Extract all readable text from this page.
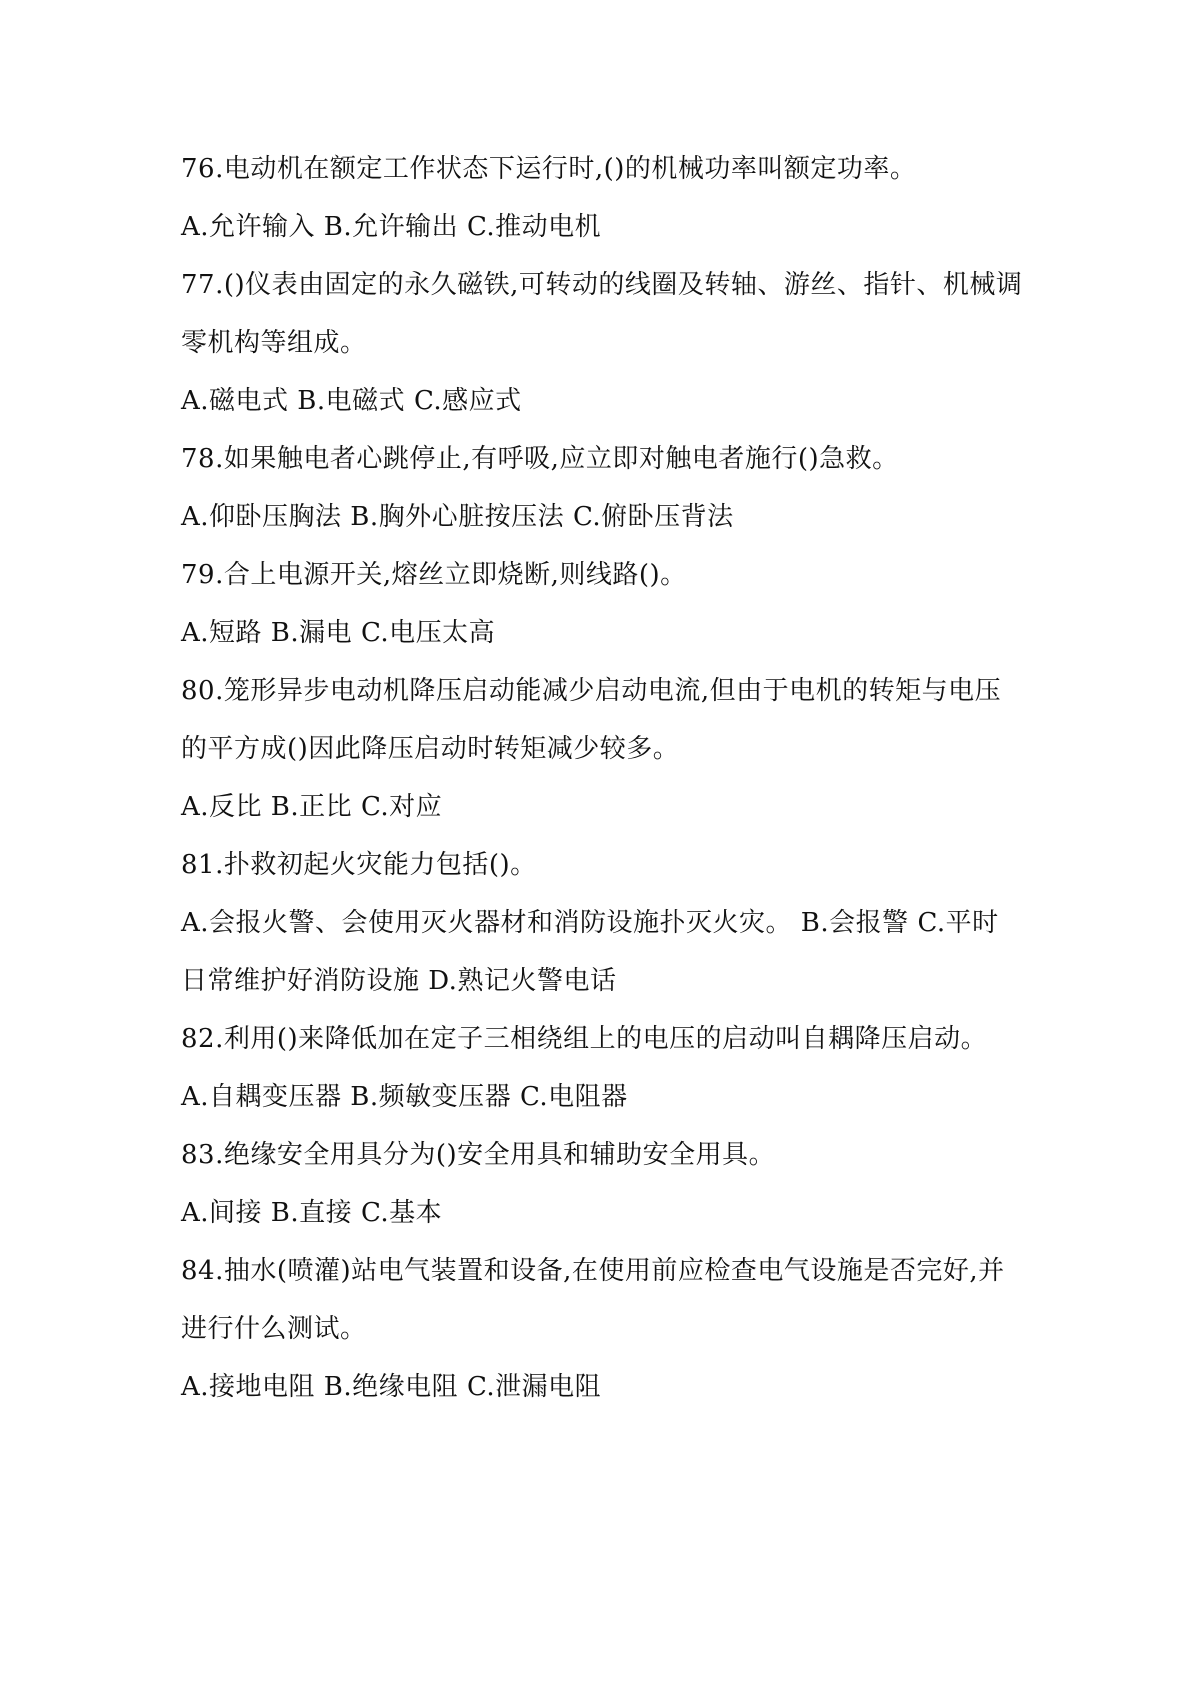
76.电动机在额定工作状态下运行时,()的机械功率叫额定功率。
A.允许输入 B.允许输出 C.推动电机
77.()仪表由固定的永久磁铁,可转动的线圈及转轴、游丝、指针、机械调
零机构等组成。
A.磁电式 B.电磁式 C.感应式
78.如果触电者心跳停止,有呼吸,应立即对触电者施行()急救。
A.仰卧压胸法 B.胸外心脏按压法 C.俯卧压背法
79.合上电源开关,熔丝立即烧断,则线路()。
A.短路 B.漏电 C.电压太高
80.笼形异步电动机降压启动能减少启动电流,但由于电机的转矩与电压
的平方成()因此降压启动时转矩减少较多。
A.反比 B.正比 C.对应
81.扑救初起火灾能力包括()。
A.会报火警、会使用灭火器材和消防设施扑灭火灾。 B.会报警 C.平时
日常维护好消防设施 D.熟记火警电话
82.利用()来降低加在定子三相绕组上的电压的启动叫自耦降压启动。
A.自耦变压器 B.频敏变压器 C.电阻器
83.绝缘安全用具分为()安全用具和辅助安全用具。
A.间接 B.直接 C.基本
84.抽水(喷灌)站电气装置和设备,在使用前应检查电气设施是否完好,并
进行什么测试。
A.接地电阻 B.绝缘电阻 C.泄漏电阻
